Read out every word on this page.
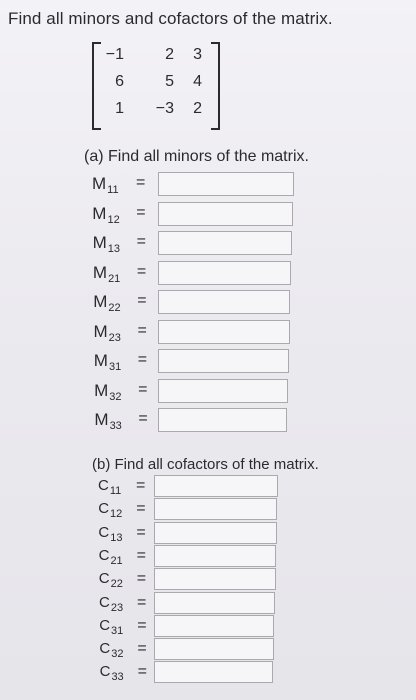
Find all minors and cofactors of the matrix.
−1	2	3
6	5	4
1	−3	2
(a) Find all minors of the matrix.
$M_{11}$ =
$M_{12}$ =
$M_{13}$ =
$M_{21}$ =
$M_{22}$ =
$M_{23}$ =
$M_{31}$ =
$M_{32}$ =
$M_{33}$ =
(b) Find all cofactors of the matrix.
$C_{11}$ =
$C_{12}$ =
$C_{13}$ =
$C_{21}$ =
$C_{22}$ =
$C_{23}$ =
$C_{31}$ =
$C_{32}$ =
$C_{33}$ =
